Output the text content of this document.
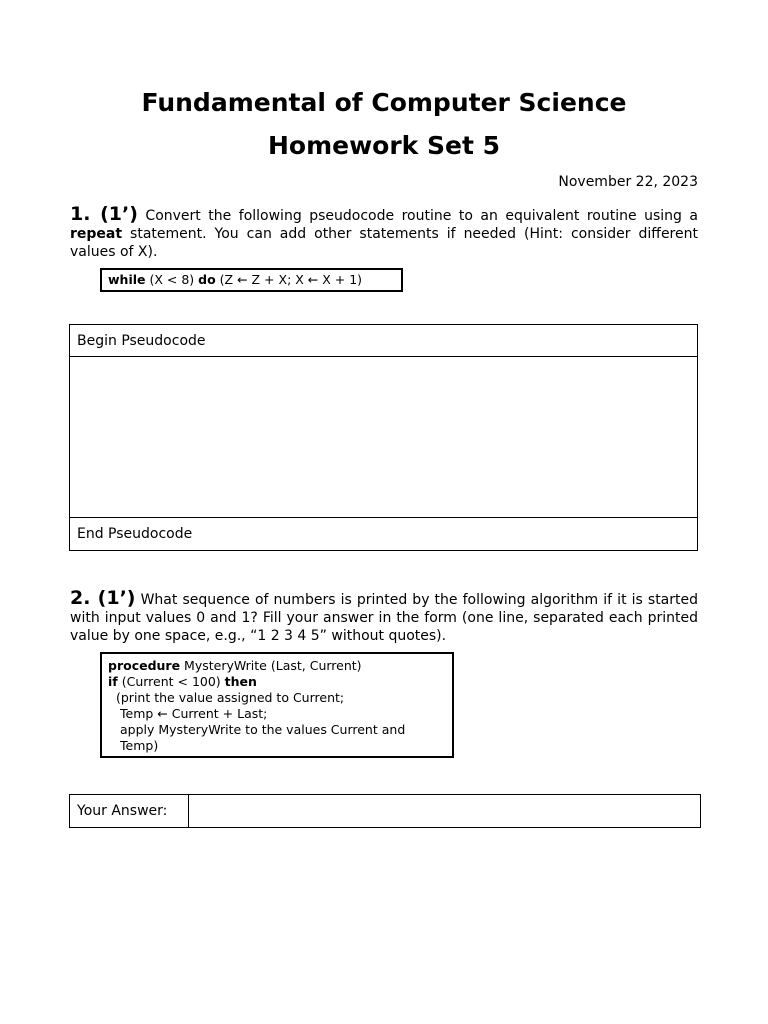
Fundamental of Computer Science
Homework Set 5
November 22, 2023

1. (1’) Convert the following pseudocode routine to an equivalent routine using a repeat statement. You can add other statements if needed (Hint: consider different values of X).

while (X < 8) do (Z ← Z + X; X ← X + 1)
Begin Pseudocode
End Pseudocode

2. (1’) What sequence of numbers is printed by the following algorithm if it is started with input values 0 and 1? Fill your answer in the form (one line, separated each printed value by one space, e.g., “1 2 3 4 5” without quotes).

procedure MysteryWrite (Last, Current)
if (Current < 100) then
(print the value assigned to Current;
Temp ← Current + Last;
apply MysteryWrite to the values Current and Temp)
Your Answer:
